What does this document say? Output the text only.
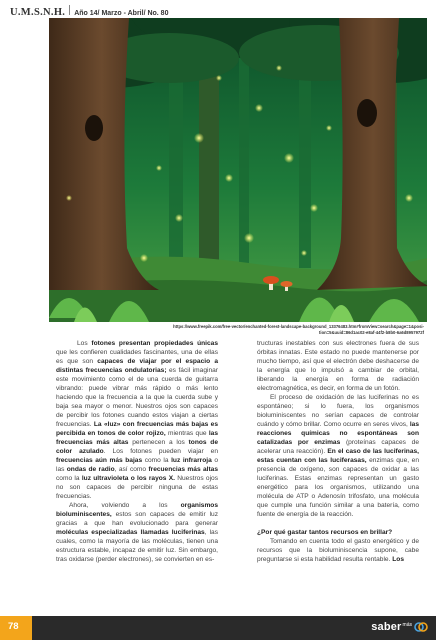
U.M.S.N.H. Año 14/ Marzo - Abril/ No. 80
https://www.freepik.com/free-vector/enchanted-forest-landscape-background_13376483.htm#fromView=search&page=1&posi-
tion=5&uuid=86d1ac02-e8af-44f2-b8b0-6a6d8957972f

Los fotones presentan propiedades únicas que les confieren cualidades fascinantes, una de ellas es que son capaces de viajar por el espacio a distintas frecuencias ondulatorias; es fácil imaginar este movimiento como el de una cuerda de guitarra vibrando: puede vibrar más rápido o más lento haciendo que la frecuencia a la que la cuerda sube y baja sea mayor o menor. Nuestros ojos son capaces de percibir los fotones cuando estos viajan a ciertas frecuencias. La «luz» con frecuencias más bajas es percibida en tonos de color rojizo, mientras que las frecuencias más altas pertenecen a los tonos de color azulado. Los fotones pueden viajar en frecuencias aún más bajas como la luz infrarroja o las ondas de radio, así como frecuencias más altas como la luz ultravioleta o los rayos X. Nuestros ojos no son capaces de percibir ninguna de estas frecuencias.

Ahora, volviendo a los organismos bioluminiscentes, estos son capaces de emitir luz gracias a que han evolucionado para generar moléculas especializadas llamadas luciferinas, las cuales, como la mayoría de las moléculas, tienen una estructura estable, incapaz de emitir luz. Sin embargo, tras oxidarse (perder electrones), se convierten en es-

tructuras inestables con sus electrones fuera de sus órbitas innatas. Este estado no puede mantenerse por mucho tiempo, así que el electrón debe deshacerse de la energía que lo impulsó a cambiar de orbital, liberando la energía en forma de radiación electromagnética, es decir, en forma de un fotón.

El proceso de oxidación de las luciferinas no es espontáneo; si lo fuera, los organismos bioluminiscentes no serían capaces de controlar cuándo y cómo brillar. Como ocurre en seres vivos, las reacciones químicas no espontáneas son catalizadas por enzimas (proteínas capaces de acelerar una reacción). En el caso de las luciferinas, estas cuentan con las luciferasas, enzimas que, en presencia de oxígeno, son capaces de oxidar a las luciferinas. Estas enzimas representan un gasto energético para los organismos, utilizando una molécula de ATP o Adenosín trifosfato, una molécula que cumple una función similar a una batería, como fuente de energía de la reacción.

¿Por qué gastar tantos recursos en brillar?

Tomando en cuenta todo el gasto energético y de recursos que la bioluminiscencia supone, cabe preguntarse si esta habilidad resulta rentable. Los

78	saber más
